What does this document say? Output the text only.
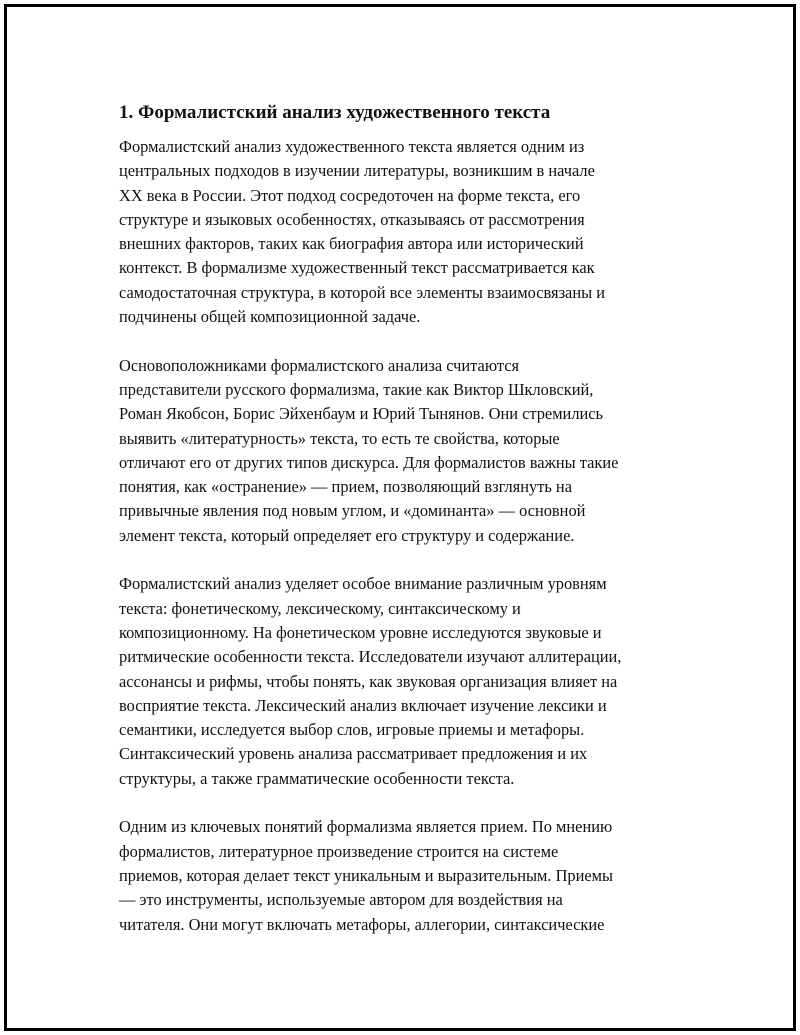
1. Формалистский анализ художественного текста
Формалистский анализ художественного текста является одним из
центральных подходов в изучении литературы, возникшим в начале
XX века в России. Этот подход сосредоточен на форме текста, его
структуре и языковых особенностях, отказываясь от рассмотрения
внешних факторов, таких как биография автора или исторический
контекст. В формализме художественный текст рассматривается как
самодостаточная структура, в которой все элементы взаимосвязаны и
подчинены общей композиционной задаче.
Основоположниками формалистского анализа считаются
представители русского формализма, такие как Виктор Шкловский,
Роман Якобсон, Борис Эйхенбаум и Юрий Тынянов. Они стремились
выявить «литературность» текста, то есть те свойства, которые
отличают его от других типов дискурса. Для формалистов важны такие
понятия, как «остранение» — прием, позволяющий взглянуть на
привычные явления под новым углом, и «доминанта» — основной
элемент текста, который определяет его структуру и содержание.
Формалистский анализ уделяет особое внимание различным уровням
текста: фонетическому, лексическому, синтаксическому и
композиционному. На фонетическом уровне исследуются звуковые и
ритмические особенности текста. Исследователи изучают аллитерации,
ассонансы и рифмы, чтобы понять, как звуковая организация влияет на
восприятие текста. Лексический анализ включает изучение лексики и
семантики, исследуется выбор слов, игровые приемы и метафоры.
Синтаксический уровень анализа рассматривает предложения и их
структуры, а также грамматические особенности текста.
Одним из ключевых понятий формализма является прием. По мнению
формалистов, литературное произведение строится на системе
приемов, которая делает текст уникальным и выразительным. Приемы
— это инструменты, используемые автором для воздействия на
читателя. Они могут включать метафоры, аллегории, синтаксические
